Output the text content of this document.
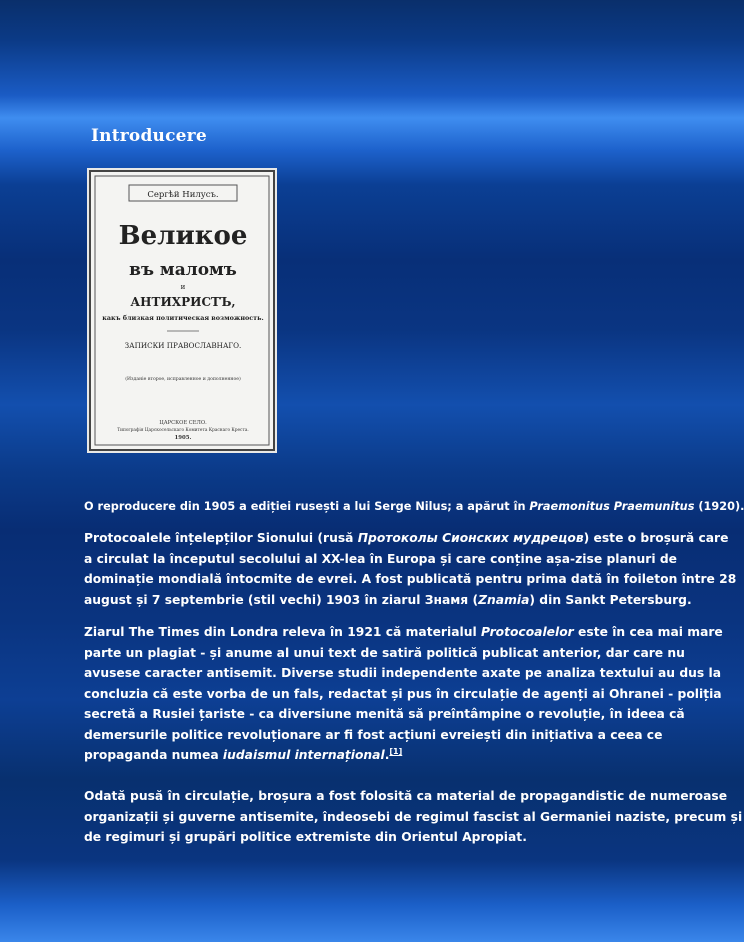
Introducere
Сергѣй Нилусъ.
Великое
въ маломъ
и
АНТИХРИСТЪ,
какъ близкая политическая возможность.
ЗАПИСКИ ПРАВОСЛАВНАГО.
(Изданіе второе, исправленное и дополненное)
ЦАРСКОЕ СЕЛО.
Типографія Царскосельскаго Комитета Краснаго Креста.
1905.
O reproducere din 1905 a ediției rusești a lui Serge Nilus; a apărut în Praemonitus Praemunitus (1920).

Protocoalele înțelepților Sionului (rusă Протоколы Сионских мудрецов) este o broșură care
a circulat la începutul secolului al XX-lea în Europa și care conține așa-zise planuri de
dominație mondială întocmite de evrei. A fost publicată pentru prima dată în foileton între 28
august și 7 septembrie (stil vechi) 1903 în ziarul Знамя (Znamia) din Sankt Petersburg.

Ziarul The Times din Londra releva în 1921 că materialul Protocoalelor este în cea mai mare
parte un plagiat - și anume al unui text de satiră politică publicat anterior, dar care nu
avusese caracter antisemit. Diverse studii independente axate pe analiza textului au dus la
concluzia că este vorba de un fals, redactat și pus în circulație de agenți ai Ohranei - poliția
secretă a Rusiei țariste - ca diversiune menită să preîntâmpine o revoluție, în ideea că
demersurile politice revoluționare ar fi fost acțiuni evreiești din inițiativa a ceea ce
propaganda numea iudaismul internațional.[1]

Odată pusă în circulație, broșura a fost folosită ca material de propagandistic de numeroase
organizații și guverne antisemite, îndeosebi de regimul fascist al Germaniei naziste, precum și
de regimuri și grupări politice extremiste din Orientul Apropiat.
